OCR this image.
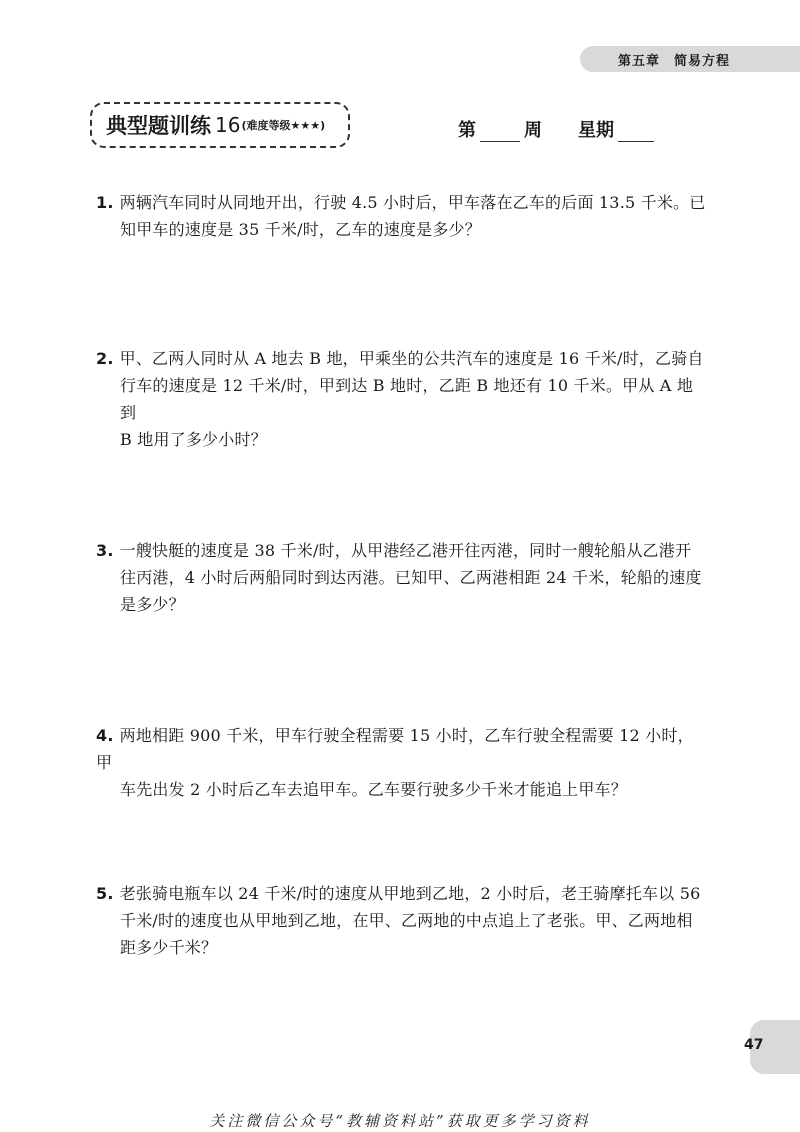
第五章　简易方程
典型题训练 16 (难度等级★★★)	第	周 星期
1. 两辆汽车同时从同地开出，行驶 4.5 小时后，甲车落在乙车的后面 13.5 千米。已
知甲车的速度是 35 千米/时，乙车的速度是多少？
2. 甲、乙两人同时从 A 地去 B 地，甲乘坐的公共汽车的速度是 16 千米/时，乙骑自
行车的速度是 12 千米/时，甲到达 B 地时，乙距 B 地还有 10 千米。甲从 A 地到
B 地用了多少小时？
3. 一艘快艇的速度是 38 千米/时，从甲港经乙港开往丙港，同时一艘轮船从乙港开
往丙港，4 小时后两船同时到达丙港。已知甲、乙两港相距 24 千米，轮船的速度
是多少？
4. 两地相距 900 千米，甲车行驶全程需要 15 小时，乙车行驶全程需要 12 小时，甲
车先出发 2 小时后乙车去追甲车。乙车要行驶多少千米才能追上甲车？
5. 老张骑电瓶车以 24 千米/时的速度从甲地到乙地，2 小时后，老王骑摩托车以 56
千米/时的速度也从甲地到乙地，在甲、乙两地的中点追上了老张。甲、乙两地相
距多少千米？
47
关注微信公众号“教辅资料站”获取更多学习资料
